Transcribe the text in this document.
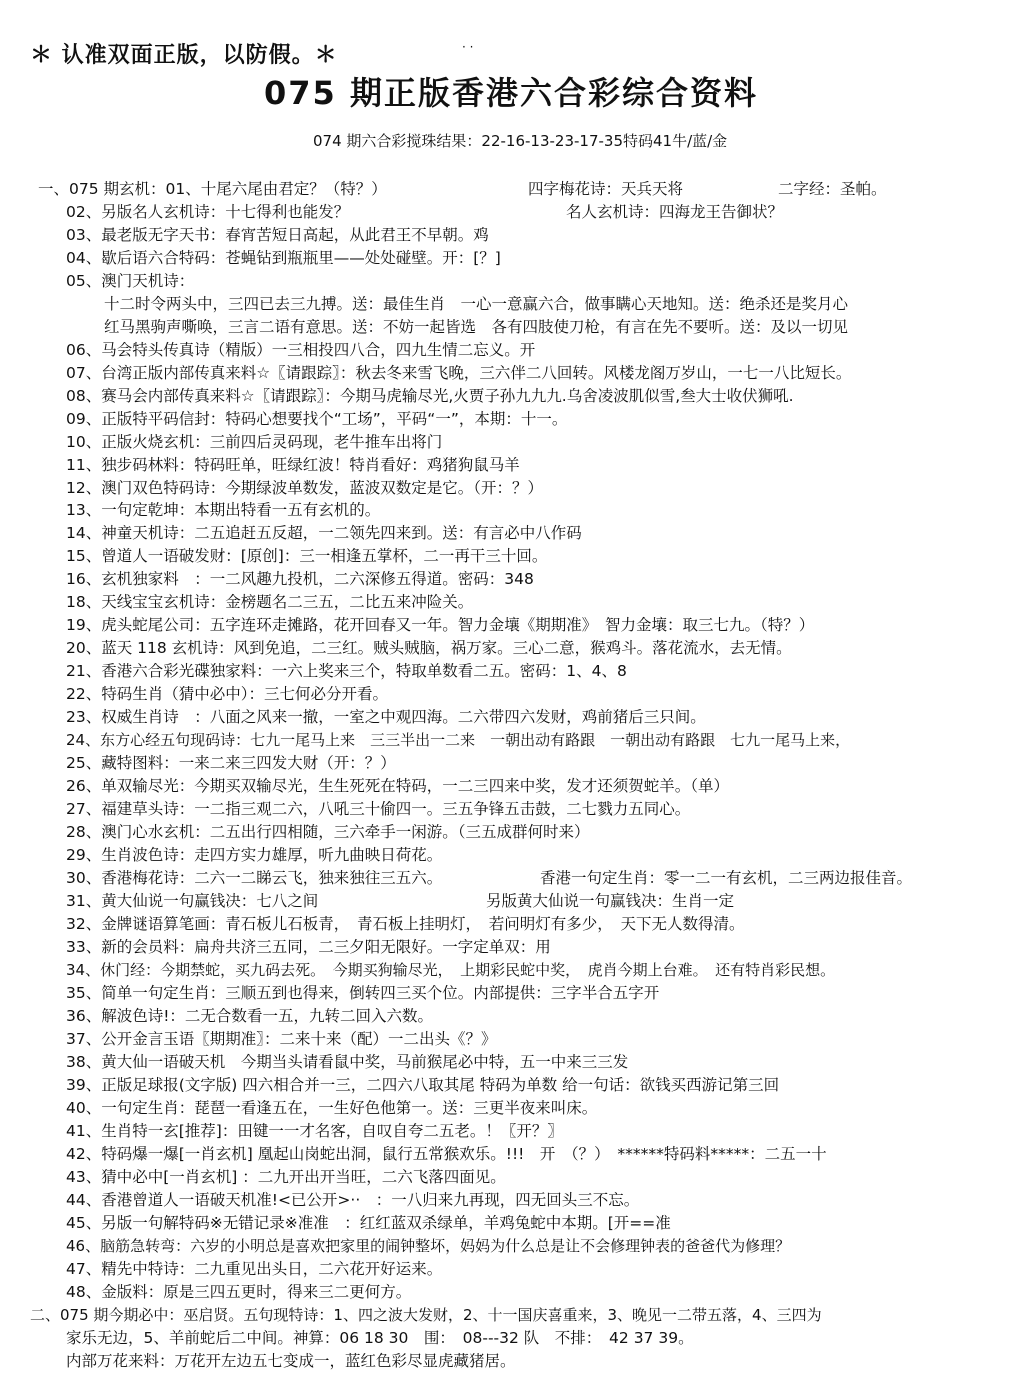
＊ 认准双面正版，以防假。＊	· ·
075 期正版香港六合彩综合资料
074 期六合彩搅珠结果：22-16-13-23-17-35特码41牛/蓝/金
一、075 期玄机：01、十尾六尾由君定？（特？）	四字梅花诗：天兵天将	二字经：圣帕。
02、另版名人玄机诗：十七得利也能发？	名人玄机诗：四海龙王告御状？
03、最老版无字天书：春宵苦短日高起，从此君王不早朝。鸡
04、歇后语六合特码：苍蝇钻到瓶瓶里——处处碰壁。开：[？]
05、澳门天机诗：
十二时令两头中，三四已去三九搏。送：最佳生肖　一心一意赢六合，做事瞒心天地知。送：绝杀还是奖月心
红马黑驹声嘶唤，三言二语有意思。送：不妨一起皆选　各有四肢使刀枪，有言在先不要听。送：及以一切见
06、马会特头传真诗（精版）一三相投四八合，四九生情二忘义。开
07、台湾正版内部传真来料☆〖请跟踪〗：秋去冬来雪飞晚，三六伴二八回转。风楼龙阁万岁山，一七一八比短长。
08、赛马会内部传真来料☆〖请跟踪〗：今期马虎输尽光,火贾子孙九九九.乌舍凌波肌似雪,叁大士收伏狮吼.
09、正版特平码信封：特码心想要找个“工场”，平码“一”，本期：十一。
10、正版火烧玄机：三前四后灵码现，老牛推车出将门
11、独步码林料：特码旺单，旺绿红波！特肖看好：鸡猪狗鼠马羊
12、澳门双色特码诗：今期绿波单数发，蓝波双数定是它。（开：？）
13、一句定乾坤：本期出特看一五有玄机的。
14、神童天机诗：二五追赶五反超，一二领先四来到。送：有言必中八作码
15、曾道人一语破发财：[原创]：三一相逢五掌杯，二一再干三十回。
16、玄机独家料　：一二风趣九投机，二六深修五得道。密码：348
18、天线宝宝玄机诗：金榜题名二三五，二比五来冲险关。
19、虎头蛇尾公司：五字连环走摊路，花开回春又一年。智力金壤《期期准》　智力金壤：取三七九。（特？）
20、蓝天 118 玄机诗：风到免追，二三红。贼头贼脑，祸万家。三心二意，猴鸡斗。落花流水，去无情。
21、香港六合彩光碟独家料：一六上奖来三个，特取单数看二五。密码：1、4、8
22、特码生肖（猜中必中）：三七何必分开看。
23、权威生肖诗　：八面之风来一撤，一室之中观四海。二六带四六发财，鸡前猪后三只间。
24、东方心经五句现码诗：七九一尾马上来　三三半出一二来　一朝出动有路跟　一朝出动有路跟　七九一尾马上来，
25、藏特图料：一来二来三四发大财（开：？）
26、单双输尽光：今期买双输尽光，生生死死在特码，一二三四来中奖，发才还须贺蛇羊。（单）
27、福建草头诗：一二指三观二六，八吼三十偷四一。三五争锋五击鼓，二七戮力五同心。
28、澳门心水玄机：二五出行四相随，三六牵手一闲游。（三五成群何时来）
29、生肖波色诗：走四方实力雄厚，听九曲映日荷花。
30、香港梅花诗：二六一二睇云飞，独来独往三五六。	香港一句定生肖：零一二一有玄机，二三两边报佳音。
31、黄大仙说一句赢钱决：七八之间	另版黄大仙说一句赢钱决：生肖一定
32、金牌谜语算笔画：青石板儿石板青，　青石板上挂明灯，　若问明灯有多少，　天下无人数得清。
33、新的会员料：扁舟共济三五同，二三夕阳无限好。一字定单双：用
34、休门经：今期禁蛇，买九码去死。　今期买狗输尽光，　上期彩民蛇中奖，　虎肖今期上台难。　还有特肖彩民想。
35、简单一句定生肖：三顺五到也得来，倒转四三买个位。内部提供：三字半合五字开
36、解波色诗!：二无合数看一五，九转二回入六数。
37、公开金言玉语〖期期准〗：二来十来（配）一二出头《？》
38、黄大仙一语破天机　今期当头请看鼠中奖，马前猴尾必中特，五一中来三三发
39、正版足球报(文字版) 四六相合并一三，二四六八取其尾 特码为单数 给一句话：欲钱买西游记第三回
40、一句定生肖：琵琶一看逢五在，一生好色他第一。送：三更半夜来叫床。
41、生肖特一玄[推荐]：田键一一才名客，自叹自夸二五老。！〖开？〗
42、特码爆一爆[一肖玄机] 凰起山岗蛇出洞，鼠行五常猴欢乐。!!!　开　（？）　******特码料*****：二五一十
43、猜中必中[一肖玄机] ：二九开出开当旺，二六飞落四面见。
44、香港曾道人一语破天机准!<已公开>··　：一八归来九再现，四无回头三不忘。
45、另版一句解特码※无错记录※准准　：红红蓝双杀绿单，羊鸡兔蛇中本期。[开==准
46、脑筋急转弯：六岁的小明总是喜欢把家里的闹钟整坏，妈妈为什么总是让不会修理钟表的爸爸代为修理？
47、精先中特诗：二九重见出头日，二六花开好运来。
48、金版料：原是三四五更时，得来三二更何方。
二、075 期今期必中：巫启贤。五句现特诗：1、四之波大发财，2、十一国庆喜重来，3、晚见一二带五落，4、三四为
家乐无边，5、羊前蛇后二中间。神算：06 18 30　围：　08---32 队　不排：　42 37 39。
内部万花来料：万花开左边五七变成一，蓝红色彩尽显虎藏猪居。
